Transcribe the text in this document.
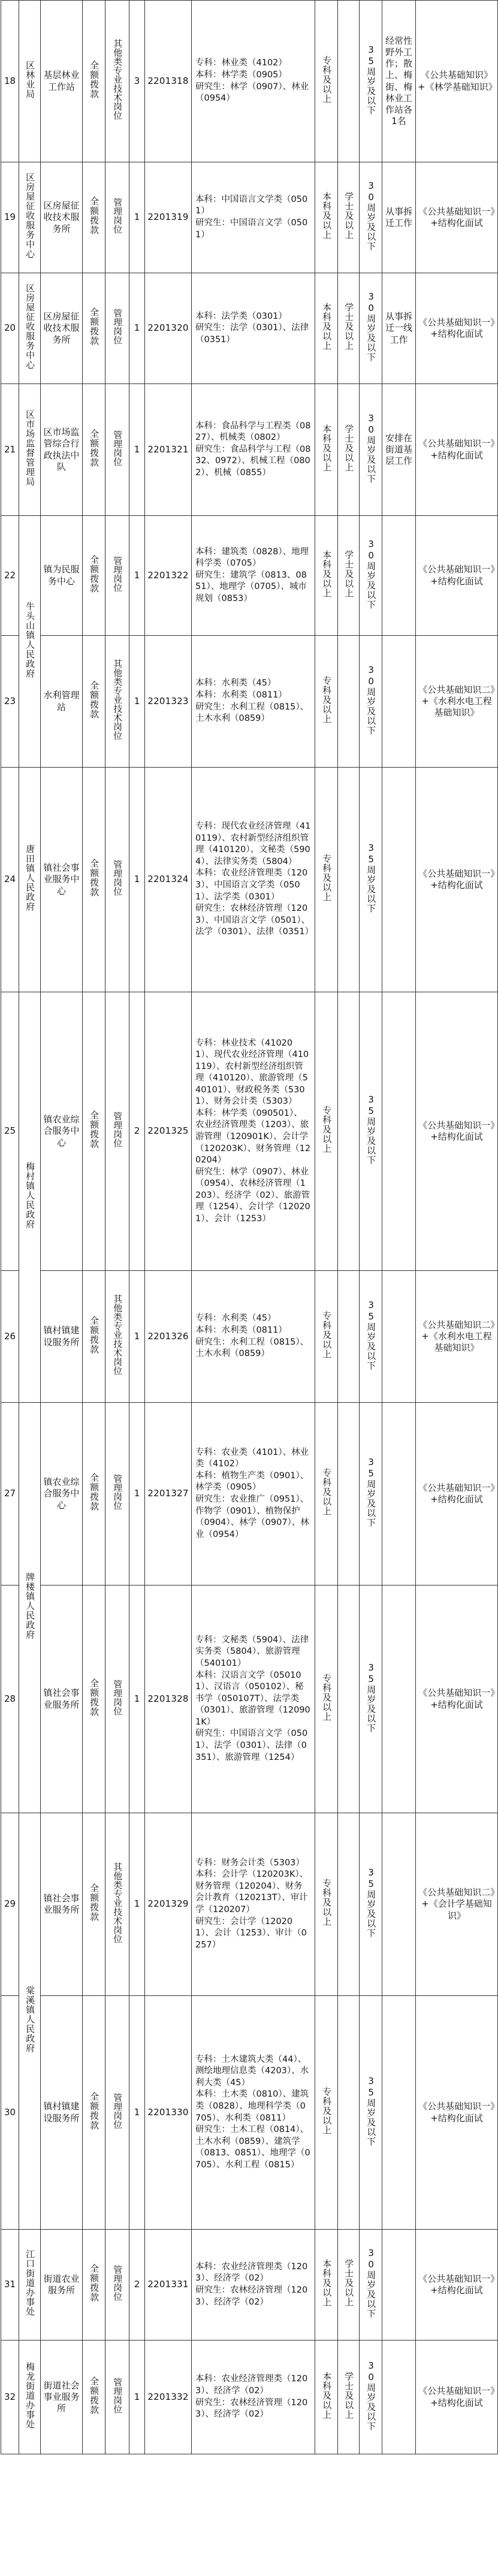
18	区林业局	基层林业工作站	全额拨款	其他类专业技术岗位	3	2201318	专科：林业类（4102）
本科：林学类（0905）
研究生：林学（0907）、林业（0954）	专科及以上		35周岁及以下	经常性野外工作；散上、梅街、梅林业工作站各1名	《公共基础知识》+《林学基础知识》

19	区房屋征收服务中心	区房屋征收技术服务所	全额拨款	管理岗位	1	2201319	本科：中国语言文学类（0501）
研究生：中国语言文学（0501）	本科及以上	学士及以上	30周岁及以下	从事拆迁工作	《公共基础知识一》+结构化面试

20	区房屋征收服务中心	区房屋征收技术服务所	全额拨款	管理岗位	1	2201320	本科：法学类（0301）
研究生：法学（0301）、法律（0351）	本科及以上	学士及以上	30周岁及以下	从事拆迁一线工作	《公共基础知识一》+结构化面试

21	区市场监督管理局	区市场监管综合行政执法中队	全额拨款	管理岗位	1	2201321	本科：食品科学与工程类（0827）、机械类（0802）
研究生：食品科学与工程（0832、0972）、机械工程（0802）、机械（0855）	本科及以上	学士及以上	30周岁及以下	安排在街道基层工作	《公共基础知识一》+结构化面试

22	牛头山镇人民政府	镇为民服务中心	全额拨款	管理岗位	1	2201322	本科：建筑类（0828）、地理科学类（0705）
研究生：建筑学（0813、0851）、地理学（0705）、城市规划（0853）	本科及以上	学士及以上	30周岁及以下		《公共基础知识一》+结构化面试

23		水利管理站	全额拨款	其他类专业技术岗位	1	2201323	本科：水利类（45）
本科：水利类（0811）
研究生：水利工程（0815）、土木水利（0859）	专科及以上		30周岁及以下		《公共基础知识二》+《水利水电工程基础知识》

24	唐田镇人民政府	镇社会事业服务中心	全额拨款	管理岗位	1	2201324	专科：现代农业经济管理（410119）、农村新型经济组织管理（410120）、文秘类（5904）、法律实务类（5804）
本科：农业经济管理类（1203）、中国语言文学类（0501）、法学类（0301）
研究生：农林经济管理（1203）、中国语言文学（0501）、法学（0301）、法律（0351）	专科及以上		35周岁及以下		《公共基础知识一》+结构化面试

25	梅村镇人民政府	镇农业综合服务中心	全额拨款	管理岗位	2	2201325	专科：林业技术（410201）、现代农业经济管理（410119）、农村新型经济组织管理（410120）、旅游管理（540101）、财政税务类（5301）、财务会计类（5303）
本科：林学类（090501）、农业经济管理类（1203）、旅游管理（120901K）、会计学（120203K）、财务管理（120204）
研究生：林学（0907）、林业（0954）、农林经济管理（1203）、经济学（02）、旅游管理（1254）、会计学（120201）、会计（1253）	专科及以上		35周岁及以下		《公共基础知识一》+结构化面试

26		镇村镇建设服务所	全额拨款	其他类专业技术岗位	1	2201326	专科：水利类（45）
本科：水利类（0811）
研究生：水利工程（0815）、土木水利（0859）	专科及以上		35周岁及以下		《公共基础知识二》+《水利水电工程基础知识》

27	牌楼镇人民政府	镇农业综合服务中心	全额拨款	管理岗位	1	2201327	专科：农业类（4101）、林业类（4102）
本科：植物生产类（0901）、林学类（0905）
研究生：农业推广（0951）、作物学（0901）、植物保护（0904）、林学（0907）、林业（0954）	专科及以上		35周岁及以下		《公共基础知识一》+结构化面试

28		镇社会事业服务所	全额拨款	管理岗位	1	2201328	专科：文秘类（5904）、法律实务类（5804）、旅游管理（540101）
本科：汉语言文学（050101）、汉语言（050102）、秘书学（050107T）、法学类（0301）、旅游管理（120901K）
研究生：中国语言文学（0501）、法学（0301）、法律（0351）、旅游管理（1254）	专科及以上		35周岁及以下		《公共基础知识一》+结构化面试

29	棠溪镇人民政府	镇社会事业服务所	全额拨款	其他类专业技术岗位	1	2201329	专科：财务会计类（5303）
本科：会计学（120203K）、财务管理（120204）、财务会计教育（120213T）、审计学（120207）
研究生：会计学（120201）、会计（1253）、审计（0257）	专科及以上		35周岁及以下		《公共基础知识二》+《会计学基础知识》

30		镇村镇建设服务所	全额拨款	管理岗位	1	2201330	专科：土木建筑大类（44）、测绘地理信息类（4203）、水利大类（45）
本科：土木类（0810）、建筑类（0828）、地理科学类（0705）、水利类（0811）
研究生：土木工程（0814）、土木水利（0859）、建筑学（0813、0851）、地理学（0705）、水利工程（0815）	专科及以上		35周岁及以下		《公共基础知识一》+结构化面试

31	江口街道办事处	街道农业服务所	全额拨款	管理岗位	2	2201331	本科：农业经济管理类（1203）、经济学（02）
研究生：农林经济管理（1203）、经济学（02）	本科及以上	学士及以上	30周岁及以下		《公共基础知识一》+结构化面试

32	梅龙街道办事处	街道社会事业服务所	全额拨款	管理岗位	1	2201332	本科：农业经济管理类（1203）、经济学（02）
研究生：农林经济管理（1203）、经济学（02）	本科及以上	学士及以上	30周岁及以下		《公共基础知识一》+结构化面试
